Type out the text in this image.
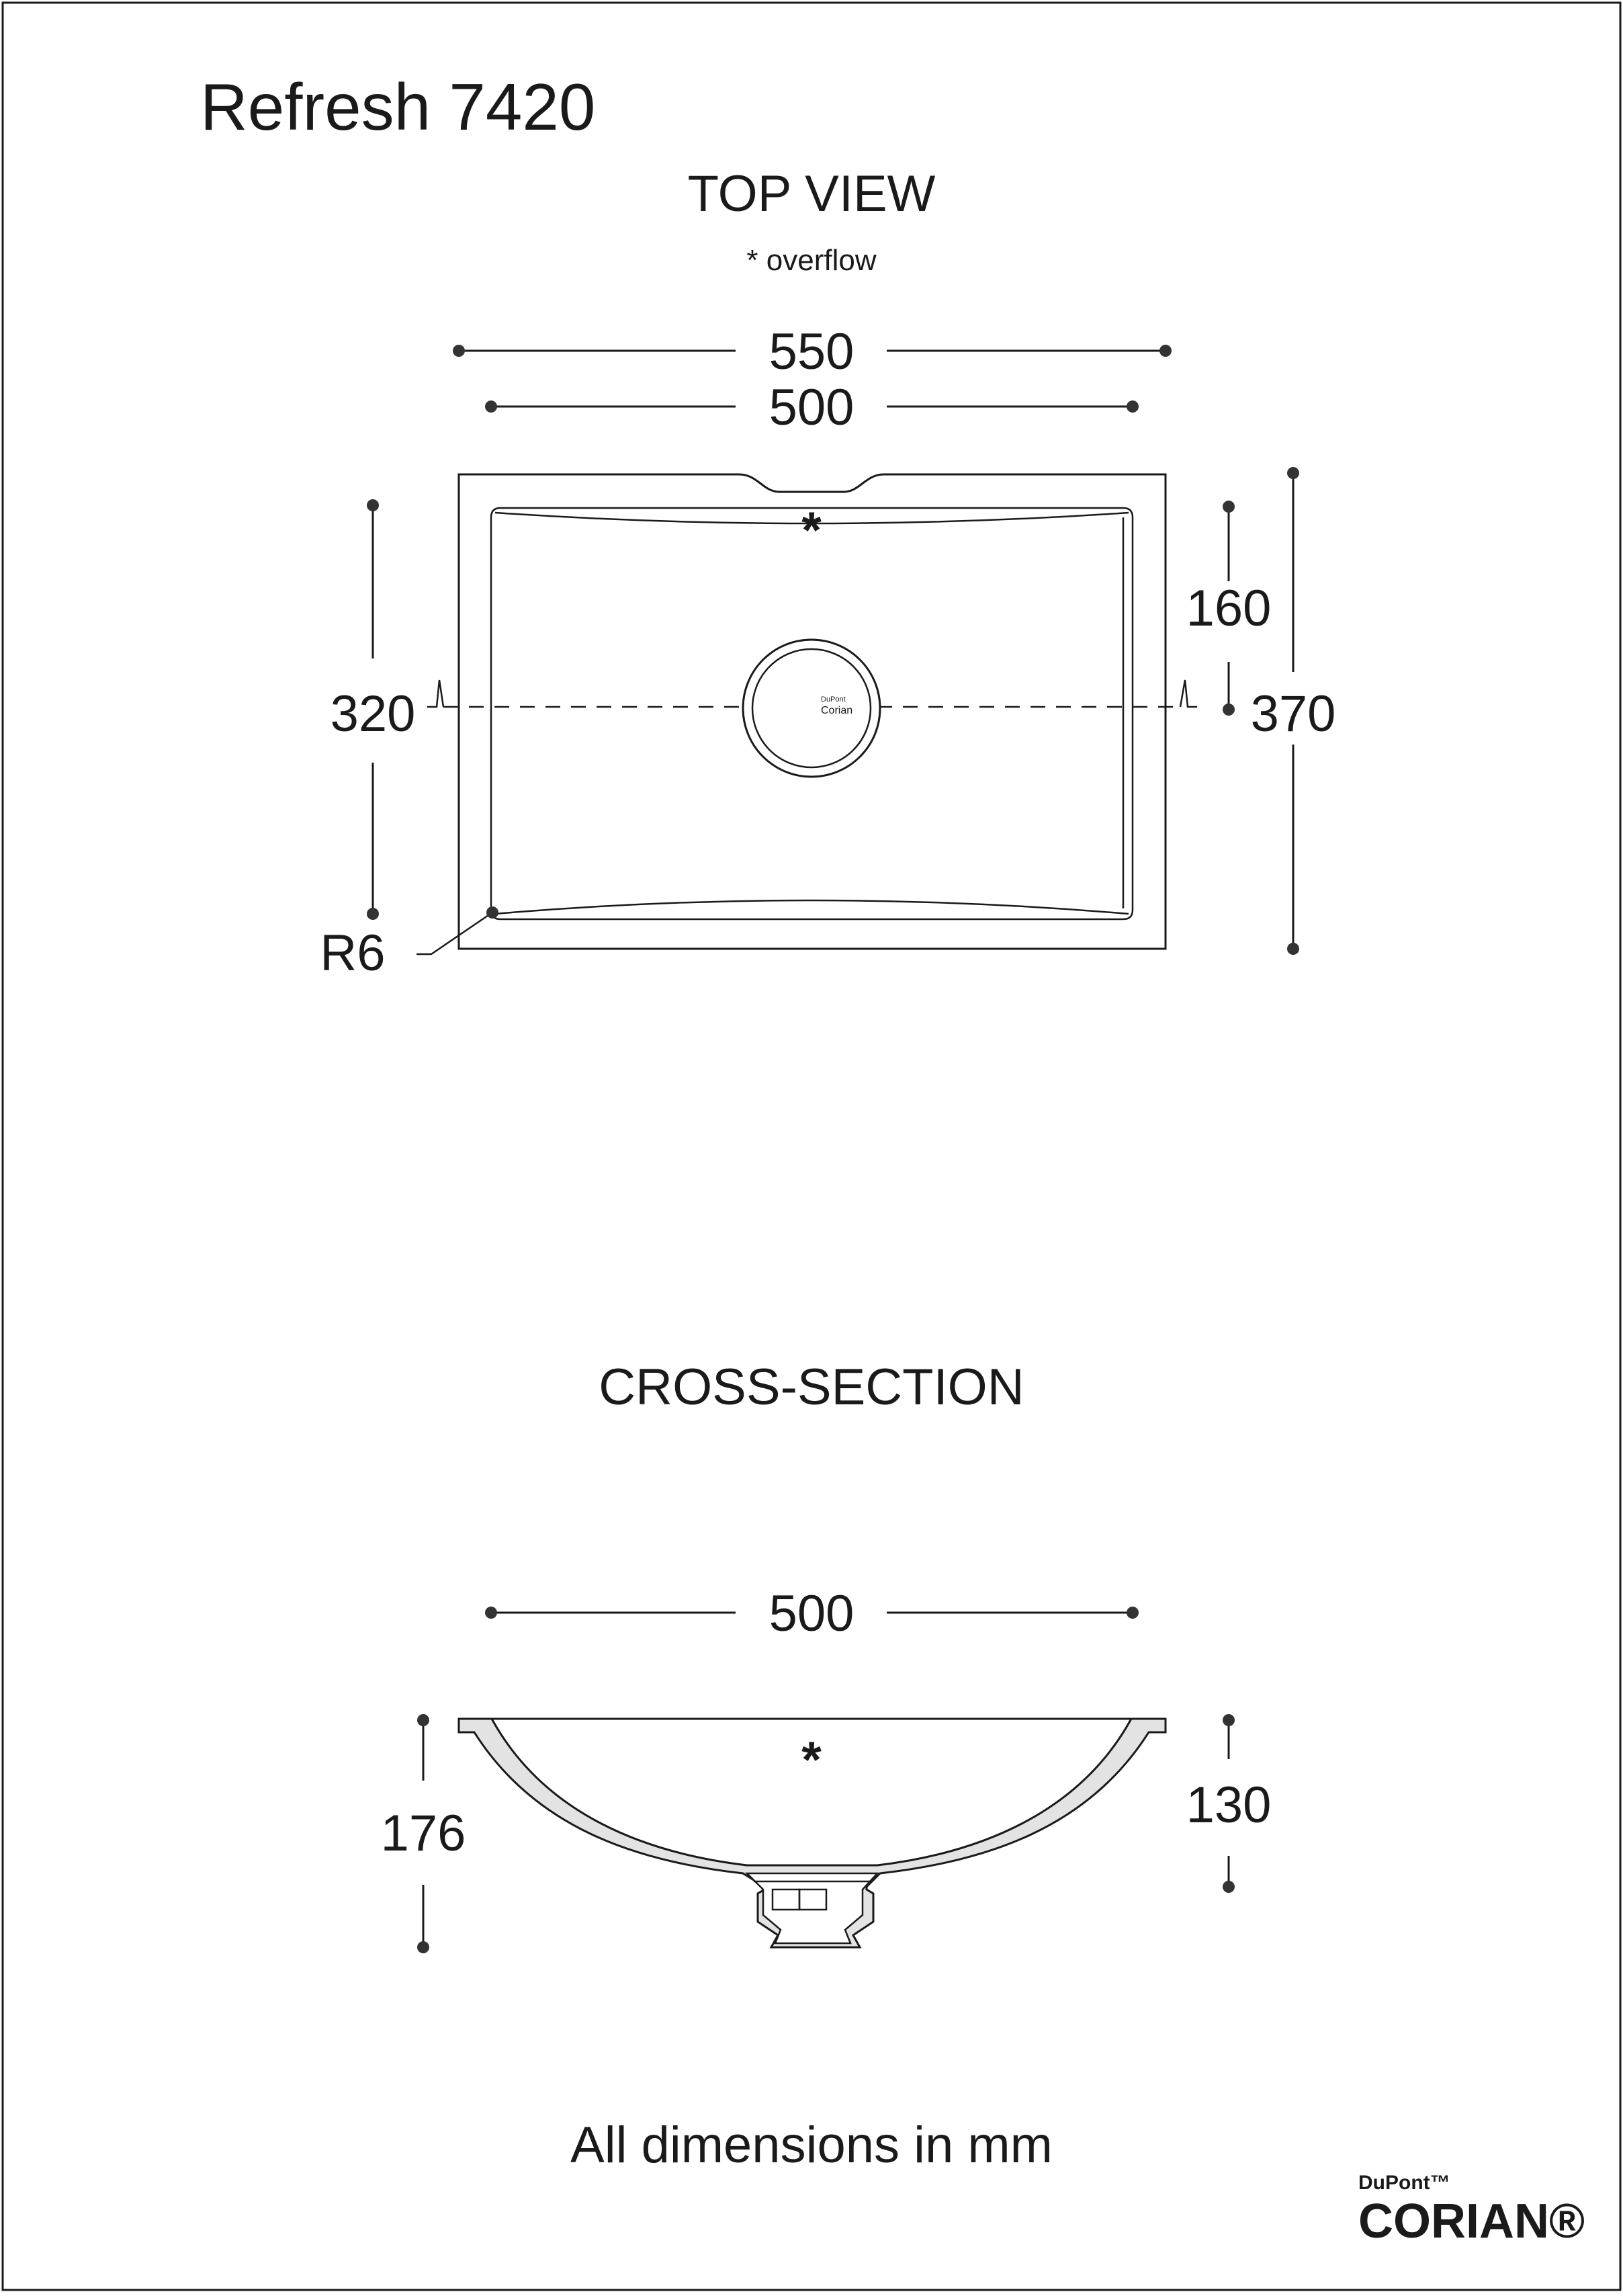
Refresh 7420
TOP VIEW
* overflow
550
500
*
DuPont
Corian
320
160
370
R6
CROSS-SECTION
500
*
176	130
All dimensions in mm
DuPont™
CORIAN®
